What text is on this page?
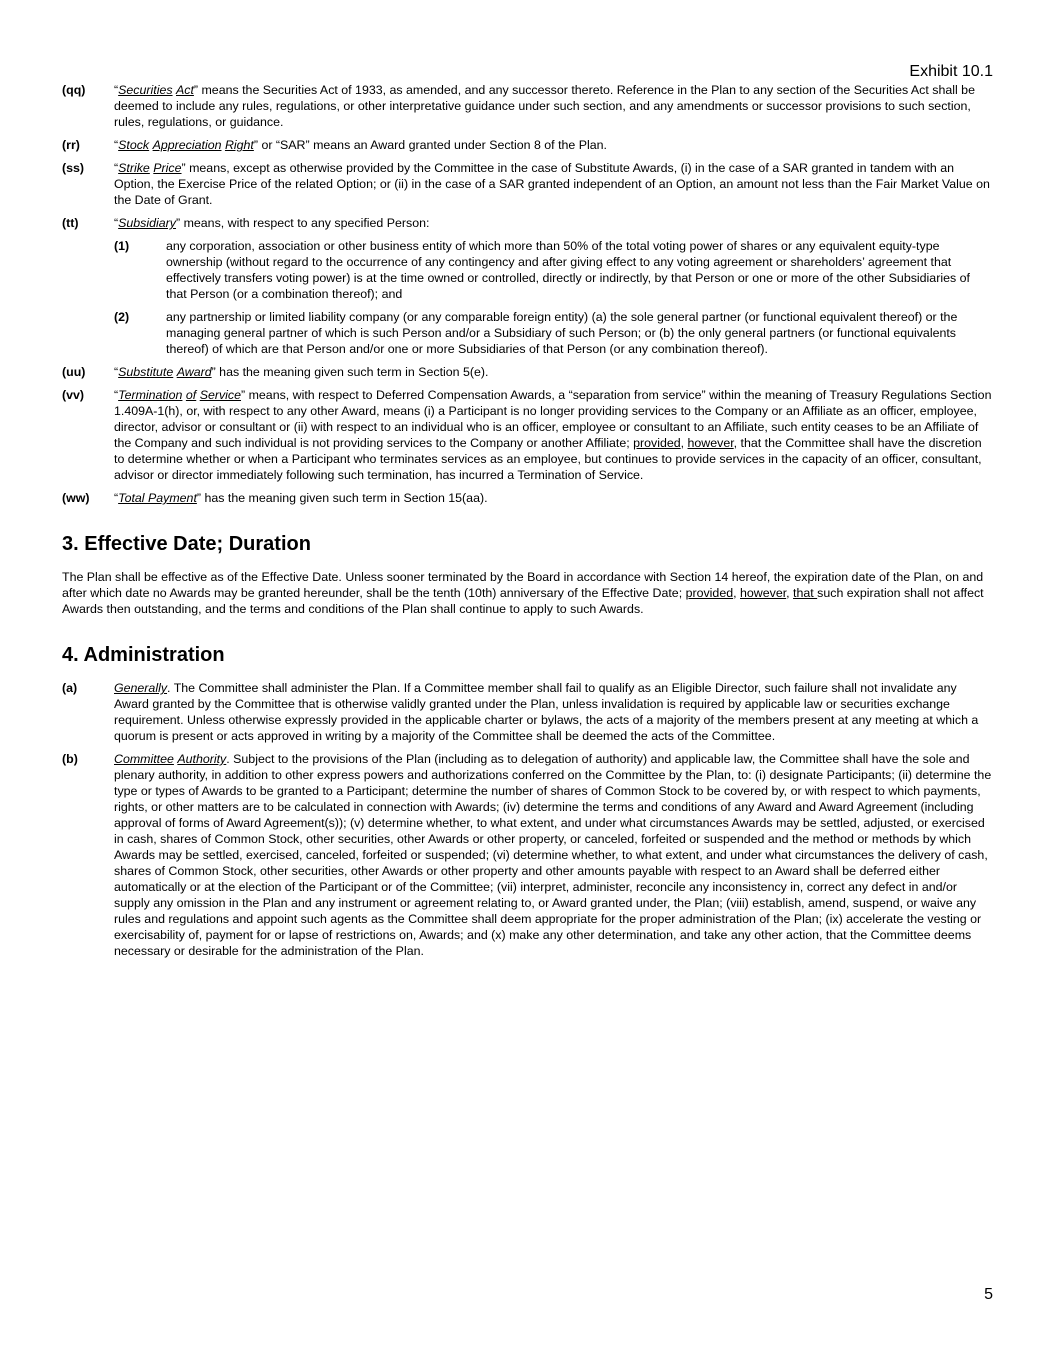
Exhibit 10.1
(qq)	“Securities Act” means the Securities Act of 1933, as amended, and any successor thereto. Reference in the Plan to any section of the Securities Act shall be deemed to include any rules, regulations, or other interpretative guidance under such section, and any amendments or successor provisions to such section, rules, regulations, or guidance.
(rr)	“Stock Appreciation Right” or “SAR” means an Award granted under Section 8 of the Plan.
(ss)	“Strike Price” means, except as otherwise provided by the Committee in the case of Substitute Awards, (i) in the case of a SAR granted in tandem with an Option, the Exercise Price of the related Option; or (ii) in the case of a SAR granted independent of an Option, an amount not less than the Fair Market Value on the Date of Grant.
(tt)	“Subsidiary” means, with respect to any specified Person:
(1)	any corporation, association or other business entity of which more than 50% of the total voting power of shares or any equivalent equity-type ownership (without regard to the occurrence of any contingency and after giving effect to any voting agreement or shareholders’ agreement that effectively transfers voting power) is at the time owned or controlled, directly or indirectly, by that Person or one or more of the other Subsidiaries of that Person (or a combination thereof); and
(2)	any partnership or limited liability company (or any comparable foreign entity) (a) the sole general partner (or functional equivalent thereof) or the managing general partner of which is such Person and/or a Subsidiary of such Person; or (b) the only general partners (or functional equivalents thereof) of which are that Person and/or one or more Subsidiaries of that Person (or any combination thereof).
(uu)	“Substitute Award” has the meaning given such term in Section 5(e).
(vv)	“Termination of Service” means, with respect to Deferred Compensation Awards, a “separation from service” within the meaning of Treasury Regulations Section 1.409A-1(h), or, with respect to any other Award, means (i) a Participant is no longer providing services to the Company or an Affiliate as an officer, employee, director, advisor or consultant or (ii) with respect to an individual who is an officer, employee or consultant to an Affiliate, such entity ceases to be an Affiliate of the Company and such individual is not providing services to the Company or another Affiliate; provided, however, that the Committee shall have the discretion to determine whether or when a Participant who terminates services as an employee, but continues to provide services in the capacity of an officer, consultant, advisor or director immediately following such termination, has incurred a Termination of Service.
(ww)	“Total Payment” has the meaning given such term in Section 15(aa).
3. Effective Date; Duration

The Plan shall be effective as of the Effective Date. Unless sooner terminated by the Board in accordance with Section 14 hereof, the expiration date of the Plan, on and after which date no Awards may be granted hereunder, shall be the tenth (10th) anniversary of the Effective Date; provided, however, that such expiration shall not affect Awards then outstanding, and the terms and conditions of the Plan shall continue to apply to such Awards.

4. Administration
(a)	Generally. The Committee shall administer the Plan. If a Committee member shall fail to qualify as an Eligible Director, such failure shall not invalidate any Award granted by the Committee that is otherwise validly granted under the Plan, unless invalidation is required by applicable law or securities exchange requirement. Unless otherwise expressly provided in the applicable charter or bylaws, the acts of a majority of the members present at any meeting at which a quorum is present or acts approved in writing by a majority of the Committee shall be deemed the acts of the Committee.
(b)	Committee Authority. Subject to the provisions of the Plan (including as to delegation of authority) and applicable law, the Committee shall have the sole and plenary authority, in addition to other express powers and authorizations conferred on the Committee by the Plan, to: (i) designate Participants; (ii) determine the type or types of Awards to be granted to a Participant; determine the number of shares of Common Stock to be covered by, or with respect to which payments, rights, or other matters are to be calculated in connection with Awards; (iv) determine the terms and conditions of any Award and Award Agreement (including approval of forms of Award Agreement(s)); (v) determine whether, to what extent, and under what circumstances Awards may be settled, adjusted, or exercised in cash, shares of Common Stock, other securities, other Awards or other property, or canceled, forfeited or suspended and the method or methods by which Awards may be settled, exercised, canceled, forfeited or suspended; (vi) determine whether, to what extent, and under what circumstances the delivery of cash, shares of Common Stock, other securities, other Awards or other property and other amounts payable with respect to an Award shall be deferred either automatically or at the election of the Participant or of the Committee; (vii) interpret, administer, reconcile any inconsistency in, correct any defect in and/or supply any omission in the Plan and any instrument or agreement relating to, or Award granted under, the Plan; (viii) establish, amend, suspend, or waive any rules and regulations and appoint such agents as the Committee shall deem appropriate for the proper administration of the Plan; (ix) accelerate the vesting or exercisability of, payment for or lapse of restrictions on, Awards; and (x) make any other determination, and take any other action, that the Committee deems necessary or desirable for the administration of the Plan.
5
